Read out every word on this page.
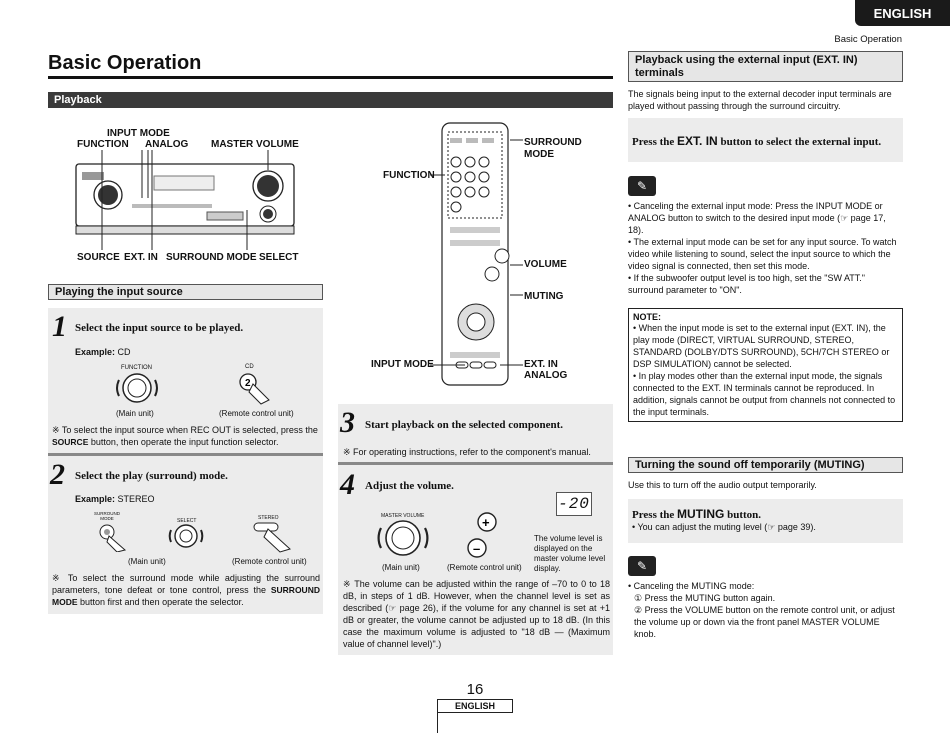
ENGLISH
Basic Operation
Basic Operation
Playback
INPUT MODE
FUNCTION ANALOG MASTER VOLUME
SOURCE EXT. IN SURROUND MODE SELECT
SURROUND
MODE
FUNCTION
VOLUME
MUTING
INPUT MODE	EXT. IN
ANALOG
Playing the input source
1 Select the input source to be played.
Example: CD
FUNCTION	CD
2
(Main unit)	(Remote control unit)
※ To select the input source when REC OUT is selected, press the SOURCE button, then operate the input function selector.
2 Select the play (surround) mode.
Example: STEREO
SURROUND MODE	SELECT	STEREO
(Main unit)	(Remote control unit)
※ To select the surround mode while adjusting the surround parameters, tone defeat or tone control, press the SURROUND MODE button first and then operate the selector.
3 Start playback on the selected component.
※ For operating instructions, refer to the component's manual.
4 Adjust the volume.
MASTER VOLUME	+
–
-20
The volume level is displayed on the master volume level display.
(Main unit)	(Remote control unit)
※ The volume can be adjusted within the range of –70 to 0 to 18 dB, in steps of 1 dB. However, when the channel level is set as described (☞ page 26), if the volume for any channel is set at +1 dB or greater, the volume cannot be adjusted up to 18 dB. (In this case the maximum volume is adjusted to "18 dB — (Maximum value of channel level)".)
Playback using the external input (EXT. IN) terminals
The signals being input to the external decoder input terminals are played without passing through the surround circuitry.
Press the EXT. IN button to select the external input.
✎
• Canceling the external input mode: Press the INPUT MODE or ANALOG button to switch to the desired input mode (☞ page 17, 18).
• The external input mode can be set for any input source. To watch video while listening to sound, select the input source to which the video signal is connected, then set this mode.
• If the subwoofer output level is too high, set the "SW ATT." surround parameter to "ON".
NOTE:
• When the input mode is set to the external input (EXT. IN), the play mode (DIRECT, VIRTUAL SURROUND, STEREO, STANDARD (DOLBY/DTS SURROUND), 5CH/7CH STEREO or DSP SIMULATION) cannot be selected.
• In play modes other than the external input mode, the signals connected to the EXT. IN terminals cannot be reproduced. In addition, signals cannot be output from channels not connected to the input terminals.
Turning the sound off temporarily (MUTING)
Use this to turn off the audio output temporarily.
Press the MUTING button.
• You can adjust the muting level (☞ page 39).
✎
• Canceling the MUTING mode:
① Press the MUTING button again.
② Press the VOLUME button on the remote control unit, or adjust the volume up or down via the front panel MASTER VOLUME knob.
16
ENGLISH
